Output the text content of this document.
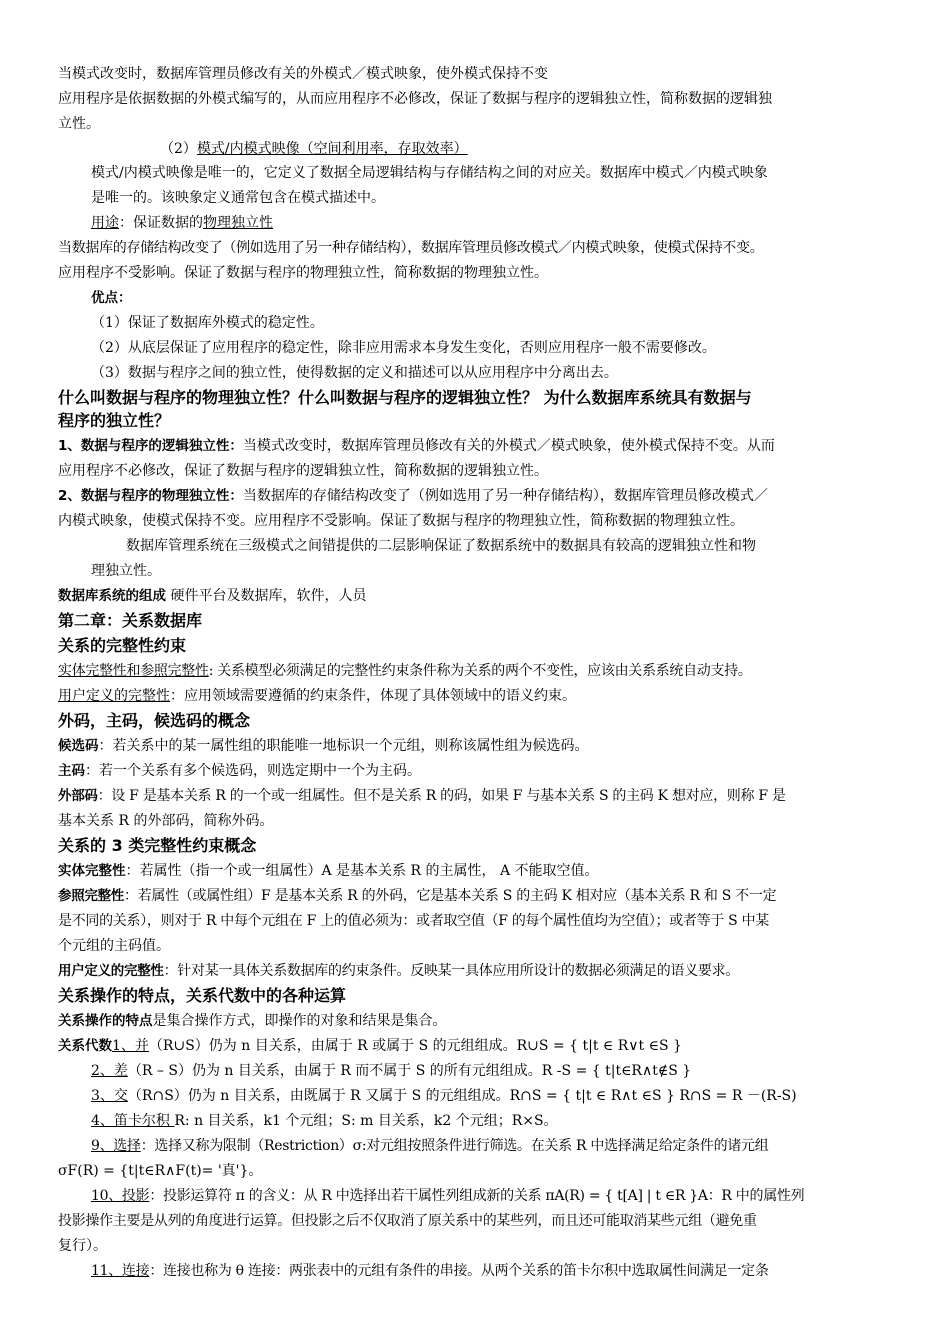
当模式改变时，数据库管理员修改有关的外模式／模式映象，使外模式保持不变
应用程序是依据数据的外模式编写的，从而应用程序不必修改，保证了数据与程序的逻辑独立性，简称数据的逻辑独
立性。
（2）模式/内模式映像（空间利用率，存取效率）
模式/内模式映像是唯一的，它定义了数据全局逻辑结构与存储结构之间的对应关。数据库中模式／内模式映象
是唯一的。该映象定义通常包含在模式描述中。
用途：保证数据的物理独立性
当数据库的存储结构改变了（例如选用了另一种存储结构），数据库管理员修改模式／内模式映象，使模式保持不变。
应用程序不受影响。保证了数据与程序的物理独立性，简称数据的物理独立性。
优点：
（1）保证了数据库外模式的稳定性。
（2）从底层保证了应用程序的稳定性，除非应用需求本身发生变化，否则应用程序一般不需要修改。
（3）数据与程序之间的独立性，使得数据的定义和描述可以从应用程序中分离出去。
什么叫数据与程序的物理独立性？什么叫数据与程序的逻辑独立性？ 为什么数据库系统具有数据与
程序的独立性？
1、数据与程序的逻辑独立性：当模式改变时，数据库管理员修改有关的外模式／模式映象，使外模式保持不变。从而
应用程序不必修改，保证了数据与程序的逻辑独立性，简称数据的逻辑独立性。
2、数据与程序的物理独立性：当数据库的存储结构改变了（例如选用了另一种存储结构），数据库管理员修改模式／
内模式映象，使模式保持不变。应用程序不受影响。保证了数据与程序的物理独立性，简称数据的物理独立性。
数据库管理系统在三级模式之间错提供的二层影响保证了数据系统中的数据具有较高的逻辑独立性和物
理独立性。
数据库系统的组成 硬件平台及数据库，软件，人员
第二章：关系数据库
关系的完整性约束
实体完整性和参照完整性: 关系模型必须满足的完整性约束条件称为关系的两个不变性，应该由关系系统自动支持。
用户定义的完整性：应用领域需要遵循的约束条件，体现了具体领域中的语义约束。
外码，主码，候选码的概念
候选码：若关系中的某一属性组的职能唯一地标识一个元组，则称该属性组为候选码。
主码：若一个关系有多个候选码，则选定期中一个为主码。
外部码：设 F 是基本关系 R 的一个或一组属性。但不是关系 R 的码，如果 F 与基本关系 S 的主码 K 想对应，则称 F 是
基本关系 R 的外部码，简称外码。
关系的 3 类完整性约束概念
实体完整性：若属性（指一个或一组属性）A 是基本关系 R 的主属性， A 不能取空值。
参照完整性：若属性（或属性组）F 是基本关系 R 的外码，它是基本关系 S 的主码 K 相对应（基本关系 R 和 S 不一定
是不同的关系），则对于 R 中每个元组在 F 上的值必须为：或者取空值（F 的每个属性值均为空值）；或者等于 S 中某
个元组的主码值。
用户定义的完整性：针对某一具体关系数据库的约束条件。反映某一具体应用所设计的数据必须满足的语义要求。
关系操作的特点，关系代数中的各种运算
关系操作的特点是集合操作方式，即操作的对象和结果是集合。
关系代数1、并（R∪S）仍为 n 目关系，由属于 R 或属于 S 的元组组成。R∪S = { t|t ∈ R∨t ∈S }
2、差（R – S）仍为 n 目关系，由属于 R 而不属于 S 的所有元组组成。R -S = { t|t∈R∧t∉S }
3、交（R∩S）仍为 n 目关系，由既属于 R 又属于 S 的元组组成。R∩S = { t|t ∈ R∧t ∈S } R∩S = R －(R-S)
4、笛卡尔积 R: n 目关系，k1 个元组；S: m 目关系，k2 个元组；R×S。
9、选择：选择又称为限制（Restriction）σ:对元组按照条件进行筛选。在关系 R 中选择满足给定条件的诸元组
σF(R) = {t|t∈R∧F(t)= '真'}。
10、投影：投影运算符 π 的含义：从 R 中选择出若干属性列组成新的关系 πA(R) = { t[A] | t ∈R }A：R 中的属性列
投影操作主要是从列的角度进行运算。但投影之后不仅取消了原关系中的某些列，而且还可能取消某些元组（避免重
复行）。
11、连接：连接也称为 θ 连接：两张表中的元组有条件的串接。从两个关系的笛卡尔积中选取属性间满足一定条
